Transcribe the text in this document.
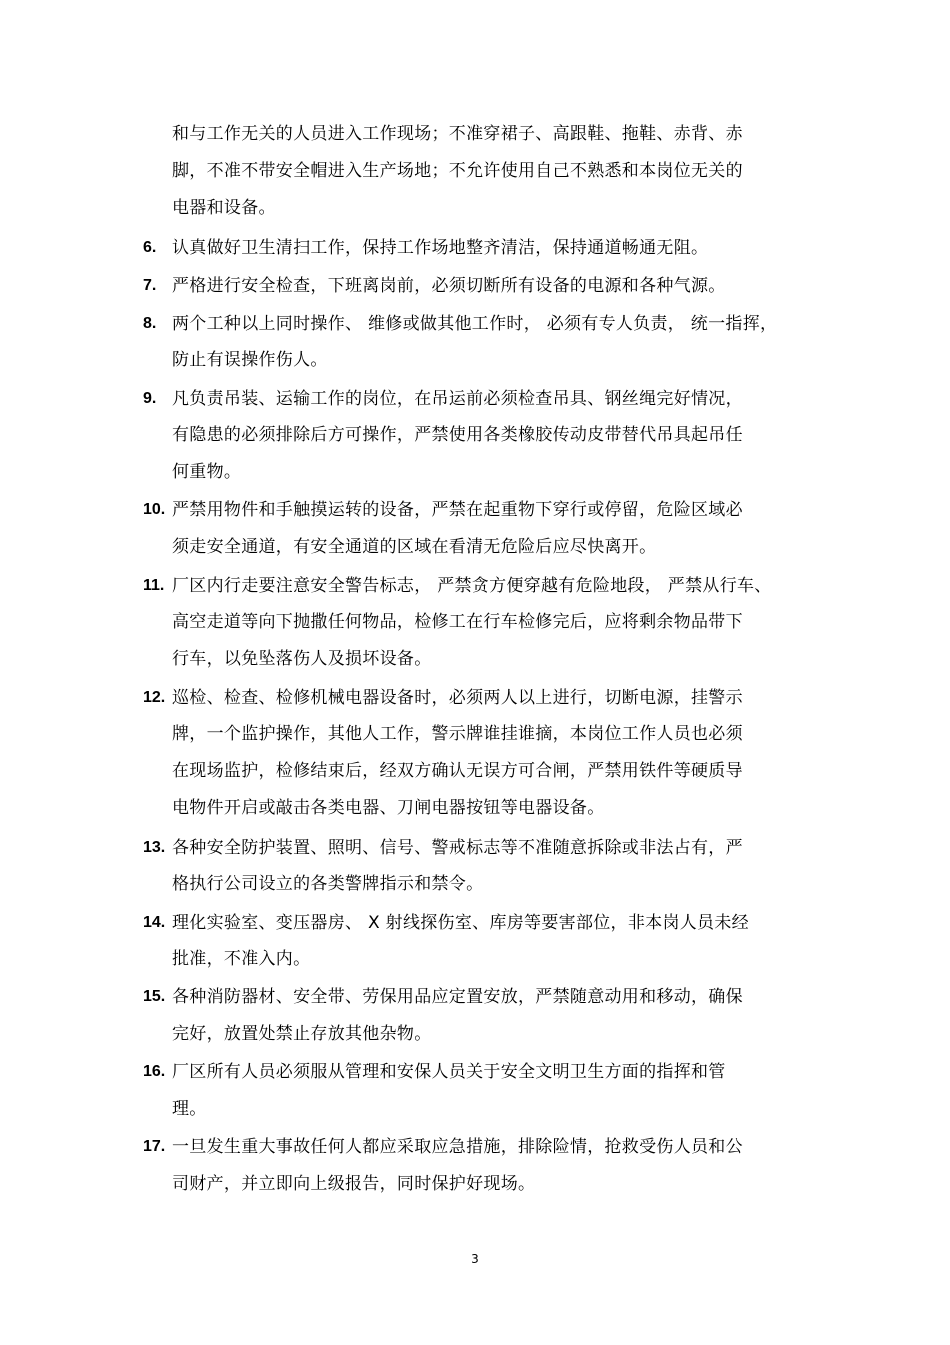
和与工作无关的人员进入工作现场；不准穿裙子、高跟鞋、拖鞋、赤背、赤
脚，不准不带安全帽进入生产场地；不允许使用自己不熟悉和本岗位无关的
电器和设备。
6. 认真做好卫生清扫工作，保持工作场地整齐清洁，保持通道畅通无阻。
7. 严格进行安全检查，下班离岗前，必须切断所有设备的电源和各种气源。
8. 两个工种以上同时操作、 维修或做其他工作时， 必须有专人负责， 统一指挥，
防止有误操作伤人。
9. 凡负责吊装、运输工作的岗位，在吊运前必须检查吊具、钢丝绳完好情况，
有隐患的必须排除后方可操作，严禁使用各类橡胶传动皮带替代吊具起吊任
何重物。
10. 严禁用物件和手触摸运转的设备，严禁在起重物下穿行或停留，危险区域必
须走安全通道，有安全通道的区域在看清无危险后应尽快离开。
11. 厂区内行走要注意安全警告标志， 严禁贪方便穿越有危险地段， 严禁从行车、
高空走道等向下抛撒任何物品，检修工在行车检修完后，应将剩余物品带下
行车，以免坠落伤人及损坏设备。
12. 巡检、检查、检修机械电器设备时，必须两人以上进行，切断电源，挂警示
牌，一个监护操作，其他人工作，警示牌谁挂谁摘，本岗位工作人员也必须
在现场监护，检修结束后，经双方确认无误方可合闸，严禁用铁件等硬质导
电物件开启或敲击各类电器、刀闸电器按钮等电器设备。
13. 各种安全防护装置、照明、信号、警戒标志等不准随意拆除或非法占有，严
格执行公司设立的各类警牌指示和禁令。
14. 理化实验室、变压器房、 X 射线探伤室、库房等要害部位，非本岗人员未经
批准，不准入内。
15. 各种消防器材、安全带、劳保用品应定置安放，严禁随意动用和移动，确保
完好，放置处禁止存放其他杂物。
16. 厂区所有人员必须服从管理和安保人员关于安全文明卫生方面的指挥和管
理。
17. 一旦发生重大事故任何人都应采取应急措施，排除险情，抢救受伤人员和公
司财产，并立即向上级报告，同时保护好现场。
3
